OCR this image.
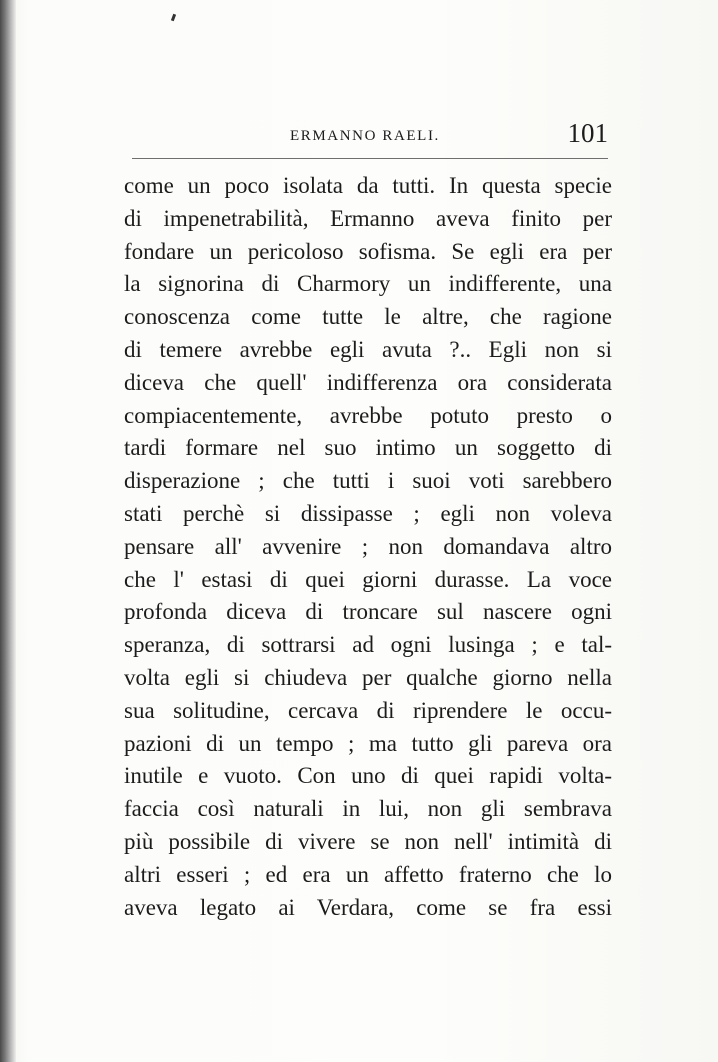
ERMANNO RAELI.	101
come un poco isolata da tutti. In questa specie
di impenetrabilità, Ermanno aveva finito per
fondare un pericoloso sofisma. Se egli era per
la signorina di Charmory un indifferente, una
conoscenza come tutte le altre, che ragione
di temere avrebbe egli avuta ?.. Egli non si
diceva che quell' indifferenza ora considerata
compiacentemente, avrebbe potuto presto o
tardi formare nel suo intimo un soggetto di
disperazione ; che tutti i suoi voti sarebbero
stati perchè si dissipasse ; egli non voleva
pensare all' avvenire ; non domandava altro
che l' estasi di quei giorni durasse. La voce
profonda diceva di troncare sul nascere ogni
speranza, di sottrarsi ad ogni lusinga ; e tal-
volta egli si chiudeva per qualche giorno nella
sua solitudine, cercava di riprendere le occu-
pazioni di un tempo ; ma tutto gli pareva ora
inutile e vuoto. Con uno di quei rapidi volta-
faccia così naturali in lui, non gli sembrava
più possibile di vivere se non nell' intimità di
altri esseri ; ed era un affetto fraterno che lo
aveva legato ai Verdara, come se fra essi
